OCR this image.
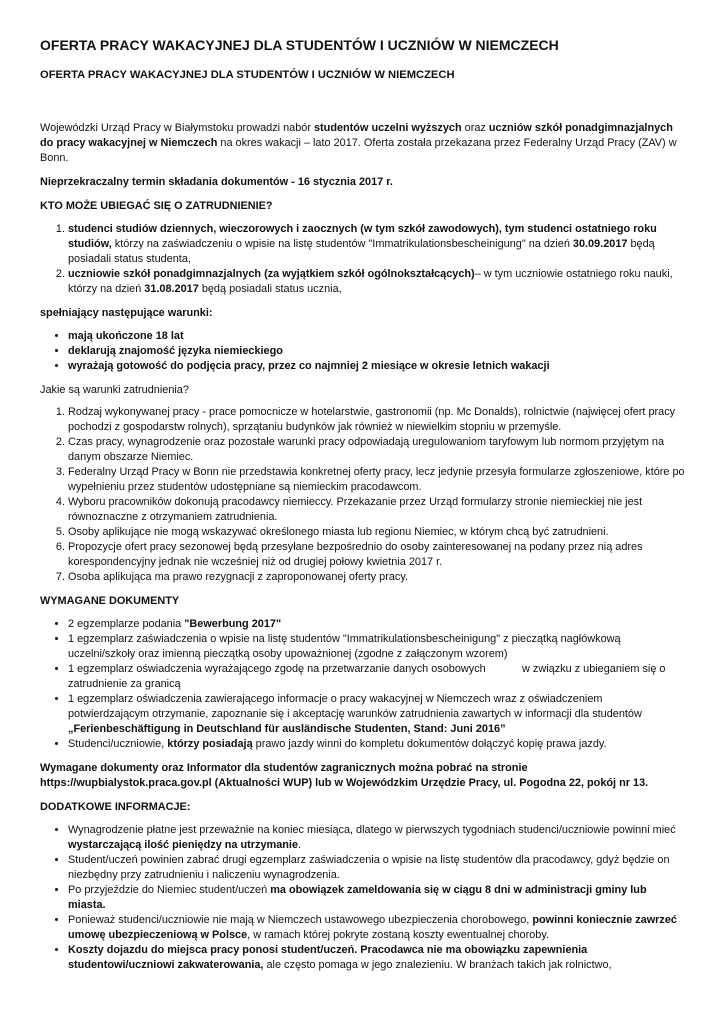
OFERTA PRACY WAKACYJNEJ DLA STUDENTÓW I UCZNIÓW W NIEMCZECH
OFERTA PRACY WAKACYJNEJ DLA STUDENTÓW I UCZNIÓW W NIEMCZECH

Wojewódzki Urząd Pracy w Białymstoku prowadzi nabór studentów uczelni wyższych oraz uczniów szkół ponadgimnazjalnych do pracy wakacyjnej w Niemczech na okres wakacji – lato 2017. Oferta została przekazana przez Federalny Urząd Pracy (ZAV) w Bonn.

Nieprzekraczalny termin składania dokumentów - 16 stycznia 2017 r.

KTO MOŻE UBIEGAĆ SIĘ O ZATRUDNIENIE?

1. studenci studiów dziennych, wieczorowych i zaocznych (w tym szkół zawodowych), tym studenci ostatniego roku studiów, którzy na zaświadczeniu o wpisie na listę studentów "Immatrikulationsbescheinigung" na dzień 30.09.2017 będą posiadali status studenta,
2. uczniowie szkół ponadgimnazjalnych (za wyjątkiem szkół ogólnokształcących)– w tym uczniowie ostatniego roku nauki, którzy na dzień 31.08.2017 będą posiadali status ucznia,

spełniający następujące warunki:

• mają ukończone 18 lat
• deklarują znajomość języka niemieckiego
• wyrażają gotowość do podjęcia pracy, przez co najmniej 2 miesiące w okresie letnich wakacji

Jakie są warunki zatrudnienia?

1. Rodzaj wykonywanej pracy - prace pomocnicze w hotelarstwie, gastronomii (np. Mc Donalds), rolnictwie (najwięcej ofert pracy pochodzi z gospodarstw rolnych), sprzątaniu budynków jak również w niewielkim stopniu w przemyśle.
2. Czas pracy, wynagrodzenie oraz pozostałe warunki pracy odpowiadają uregulowaniom taryfowym lub normom przyjętym na danym obszarze Niemiec.
3. Federalny Urząd Pracy w Bonn nie przedstawia konkretnej oferty pracy, lecz jedynie przesyła formularze zgłoszeniowe, które po wypełnieniu przez studentów udostępniane są niemieckim pracodawcom.
4. Wyboru pracowników dokonują pracodawcy niemieccy. Przekazanie przez Urząd formularzy stronie niemieckiej nie jest równoznaczne z otrzymaniem zatrudnienia.
5. Osoby aplikujące nie mogą wskazywać określonego miasta lub regionu Niemiec, w którym chcą być zatrudnieni.
6. Propozycje ofert pracy sezonowej będą przesyłane bezpośrednio do osoby zainteresowanej na podany przez nią adres korespondencyjny jednak nie wcześniej niż od drugiej połowy kwietnia 2017 r.
7. Osoba aplikująca ma prawo rezygnacji z zaproponowanej oferty pracy.

WYMAGANE DOKUMENTY

• 2 egzemplarze podania "Bewerbung 2017"
• 1 egzemplarz zaświadczenia o wpisie na listę studentów "Immatrikulationsbescheinigung" z pieczątką nagłówkową uczelni/szkoły oraz imienną pieczątką osoby upoważnionej (zgodne z załączonym wzorem)
• 1 egzemplarz oświadczenia wyrażającego zgodę na przetwarzanie danych osobowych            w związku z ubieganiem się o zatrudnienie za granicą
• 1 egzemplarz oświadczenia zawierającego informacje o pracy wakacyjnej w Niemczech wraz z oświadczeniem potwierdzającym otrzymanie, zapoznanie się i akceptację warunków zatrudnienia zawartych w informacji dla studentów „Ferienbeschäftigung in Deutschland für ausländische Studenten, Stand: Juni 2016”
• Studenci/uczniowie, którzy posiadają prawo jazdy winni do kompletu dokumentów dołączyć kopię prawa jazdy.

Wymagane dokumenty oraz Informator dla studentów zagranicznych można pobrać na stronie https://wupbialystok.praca.gov.pl (Aktualności WUP) lub w Wojewódzkim Urzędzie Pracy, ul. Pogodna 22, pokój nr 13.

DODATKOWE INFORMACJE:

• Wynagrodzenie płatne jest przeważnie na koniec miesiąca, dlatego w pierwszych tygodniach studenci/uczniowie powinni mieć wystarczającą ilość pieniędzy na utrzymanie.
• Student/uczeń powinien zabrać drugi egzemplarz zaświadczenia o wpisie na listę studentów dla pracodawcy, gdyż będzie on niezbędny przy zatrudnieniu i naliczeniu wynagrodzenia.
• Po przyjeździe do Niemiec student/uczeń ma obowiązek zameldowania się w ciągu 8 dni w administracji gminy lub miasta.
• Ponieważ studenci/uczniowie nie mają w Niemczech ustawowego ubezpieczenia chorobowego, powinni koniecznie zawrzeć umowę ubezpieczeniową w Polsce, w ramach której pokryte zostaną koszty ewentualnej choroby.
• Koszty dojazdu do miejsca pracy ponosi student/uczeń. Pracodawca nie ma obowiązku zapewnienia studentowi/uczniowi zakwaterowania, ale często pomaga w jego znalezieniu. W branżach takich jak rolnictwo,
